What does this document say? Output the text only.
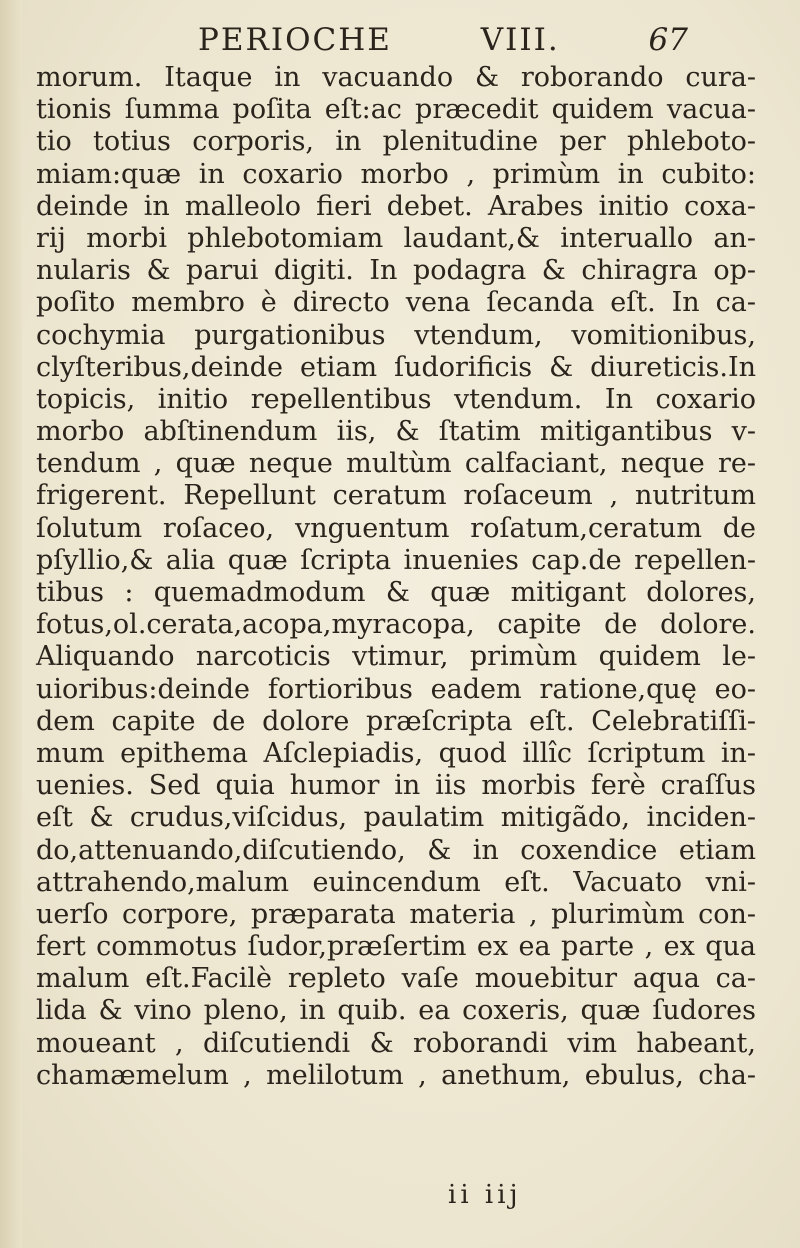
PERIOCHE	VIII.	67
morum. Itaque in vacuando & roborando cura-
tionis ſumma poſita eſt:ac præcedit quidem vacua-
tio totius corporis, in plenitudine per phleboto-
miam:quæ in coxario morbo , primùm in cubito:
deinde in malleolo fieri debet. Arabes initio coxa-
rij morbi phlebotomiam laudant,& interuallo an-
nularis & parui digiti. In podagra & chiragra op-
poſito membro è directo vena ſecanda eſt. In ca-
cochymia purgationibus vtendum, vomitionibus,
clyſteribus,deinde etiam ſudorificis & diureticis.In
topicis, initio repellentibus vtendum. In coxario
morbo abſtinendum iis, & ſtatim mitigantibus v-
tendum , quæ neque multùm calfaciant, neque re-
frigerent. Repellunt ceratum roſaceum , nutritum
ſolutum roſaceo, vnguentum roſatum,ceratum de
pſyllio,& alia quæ ſcripta inuenies cap.de repellen-
tibus : quemadmodum & quæ mitigant dolores,
fotus,ol.cerata,acopa,myracopa, capite de dolore.
Aliquando narcoticis vtimur, primùm quidem le-
uioribus:deinde fortioribus eadem ratione,quę eo-
dem capite de dolore præſcripta eſt. Celebratiſſi-
mum epithema Aſclepiadis, quod illîc ſcriptum in-
uenies. Sed quia humor in iis morbis ferè craſſus
eſt & crudus,viſcidus, paulatim mitigãdo, inciden-
do,attenuando,diſcutiendo, & in coxendice etiam
attrahendo,malum euincendum eſt. Vacuato vni-
uerſo corpore, præparata materia , plurimùm con-
fert commotus ſudor,præſertim ex ea parte , ex qua
malum eſt.Facilè repleto vaſe mouebitur aqua ca-
lida & vino pleno, in quib. ea coxeris, quæ ſudores
moueant , diſcutiendi & roborandi vim habeant,
chamæmelum , melilotum , anethum, ebulus, cha-
ii iij
